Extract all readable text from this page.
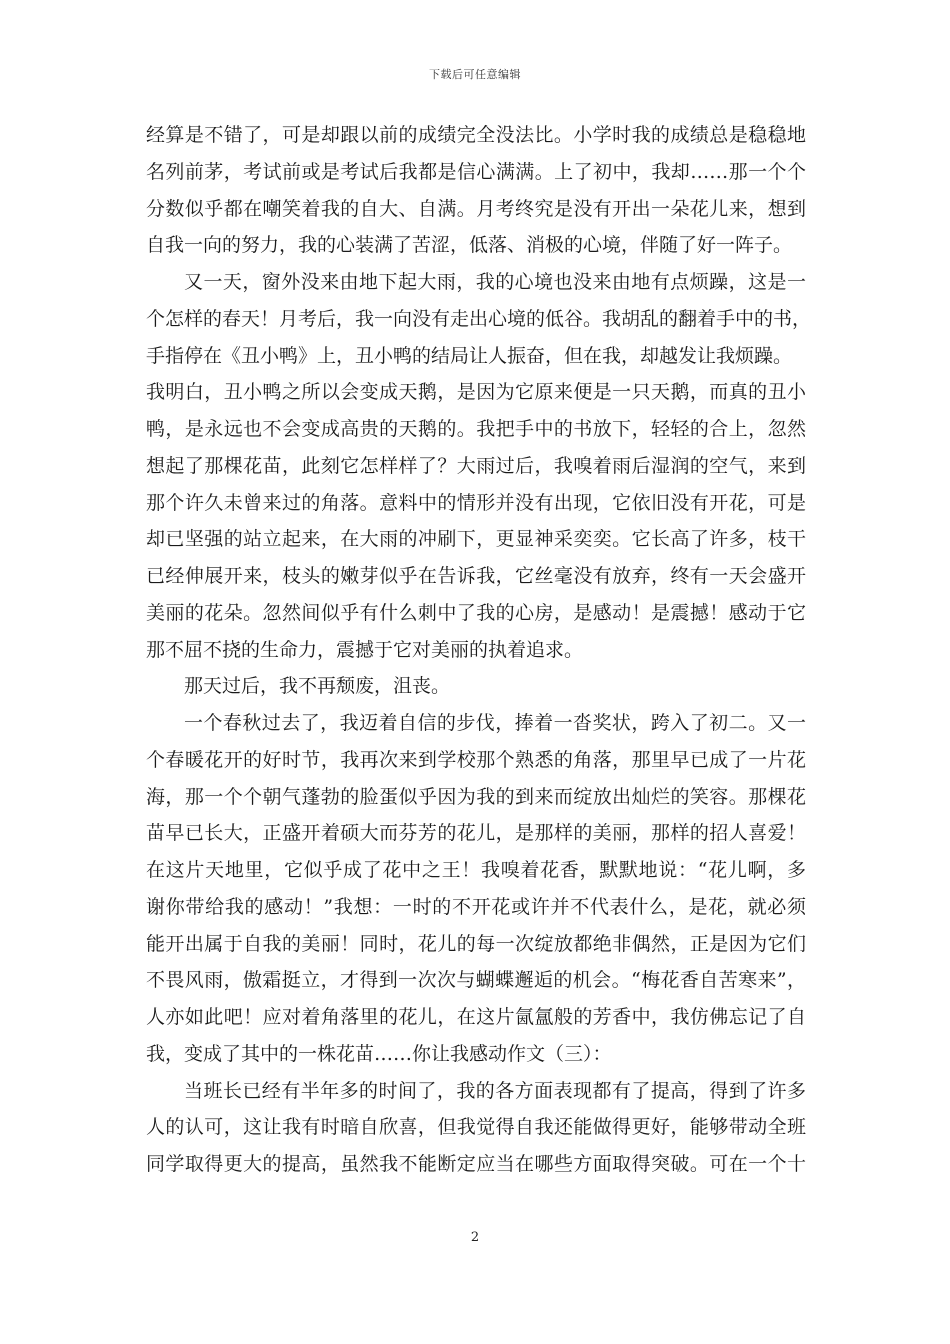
下载后可任意编辑
经算是不错了，可是却跟以前的成绩完全没法比。小学时我的成绩总是稳稳地
名列前茅，考试前或是考试后我都是信心满满。上了初中，我却……那一个个
分数似乎都在嘲笑着我的自大、自满。月考终究是没有开出一朵花儿来，想到
自我一向的努力，我的心装满了苦涩，低落、消极的心境，伴随了好一阵子。
又一天，窗外没来由地下起大雨，我的心境也没来由地有点烦躁，这是一
个怎样的春天！月考后，我一向没有走出心境的低谷。我胡乱的翻着手中的书，
手指停在《丑小鸭》上，丑小鸭的结局让人振奋，但在我，却越发让我烦躁。
我明白，丑小鸭之所以会变成天鹅，是因为它原来便是一只天鹅，而真的丑小
鸭，是永远也不会变成高贵的天鹅的。我把手中的书放下，轻轻的合上，忽然
想起了那棵花苗，此刻它怎样样了？大雨过后，我嗅着雨后湿润的空气，来到
那个许久未曾来过的角落。意料中的情形并没有出现，它依旧没有开花，可是
却已坚强的站立起来，在大雨的冲刷下，更显神采奕奕。它长高了许多，枝干
已经伸展开来，枝头的嫩芽似乎在告诉我，它丝毫没有放弃，终有一天会盛开
美丽的花朵。忽然间似乎有什么刺中了我的心房，是感动！是震撼！感动于它
那不屈不挠的生命力，震撼于它对美丽的执着追求。
那天过后，我不再颓废，沮丧。
一个春秋过去了，我迈着自信的步伐，捧着一沓奖状，跨入了初二。又一
个春暖花开的好时节，我再次来到学校那个熟悉的角落，那里早已成了一片花
海，那一个个朝气蓬勃的脸蛋似乎因为我的到来而绽放出灿烂的笑容。那棵花
苗早已长大，正盛开着硕大而芬芳的花儿，是那样的美丽，那样的招人喜爱！
在这片天地里，它似乎成了花中之王！我嗅着花香，默默地说：“花儿啊，多
谢你带给我的感动！”我想：一时的不开花或许并不代表什么，是花，就必须
能开出属于自我的美丽！同时，花儿的每一次绽放都绝非偶然，正是因为它们
不畏风雨，傲霜挺立，才得到一次次与蝴蝶邂逅的机会。“梅花香自苦寒来”，
人亦如此吧！应对着角落里的花儿，在这片氤氲般的芳香中，我仿佛忘记了自
我，变成了其中的一株花苗……你让我感动作文（三）：
当班长已经有半年多的时间了，我的各方面表现都有了提高，得到了许多
人的认可，这让我有时暗自欣喜，但我觉得自我还能做得更好，能够带动全班
同学取得更大的提高，虽然我不能断定应当在哪些方面取得突破。可在一个十
2
